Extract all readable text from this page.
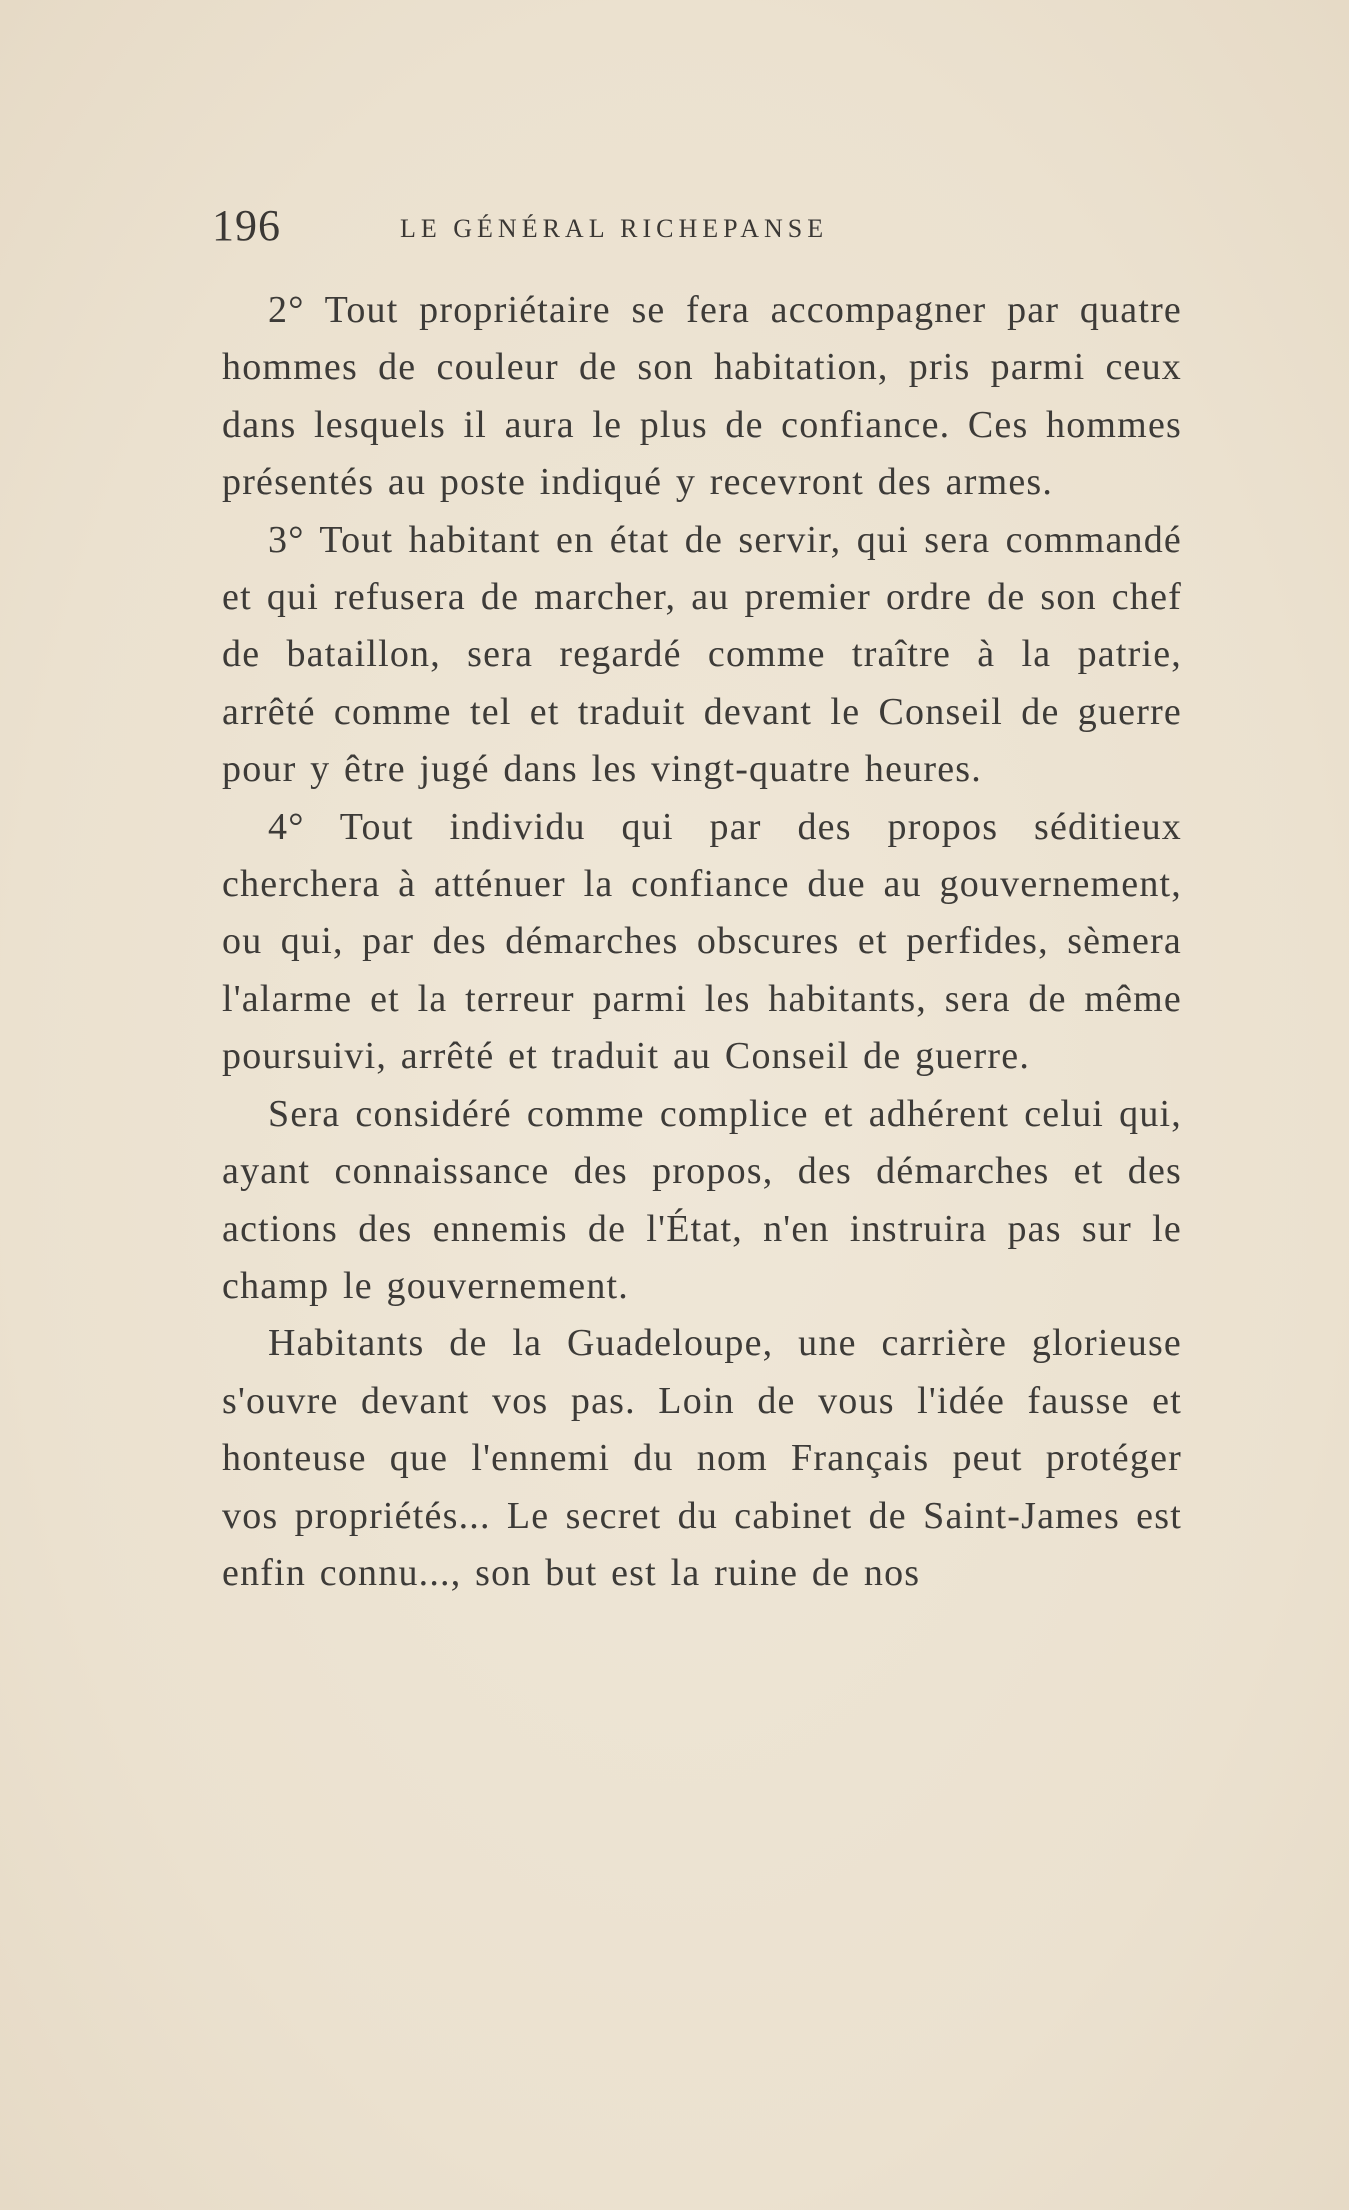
196	LE GÉNÉRAL RICHEPANSE

2° Tout propriétaire se fera accompagner par quatre hommes de couleur de son habitation, pris parmi ceux dans lesquels il aura le plus de confiance. Ces hommes présentés au poste indiqué y recevront des armes.

3° Tout habitant en état de servir, qui sera commandé et qui refusera de marcher, au premier ordre de son chef de bataillon, sera regardé comme traître à la patrie, arrêté comme tel et traduit devant le Conseil de guerre pour y être jugé dans les vingt-quatre heures.

4° Tout individu qui par des propos séditieux cherchera à atténuer la confiance due au gouvernement, ou qui, par des démarches obscures et perfides, sèmera l'alarme et la terreur parmi les habitants, sera de même poursuivi, arrêté et traduit au Conseil de guerre.

Sera considéré comme complice et adhérent celui qui, ayant connaissance des propos, des démarches et des actions des ennemis de l'État, n'en instruira pas sur le champ le gouvernement.

Habitants de la Guadeloupe, une carrière glorieuse s'ouvre devant vos pas. Loin de vous l'idée fausse et honteuse que l'ennemi du nom Français peut protéger vos propriétés... Le secret du cabinet de Saint-James est enfin connu..., son but est la ruine de nos
